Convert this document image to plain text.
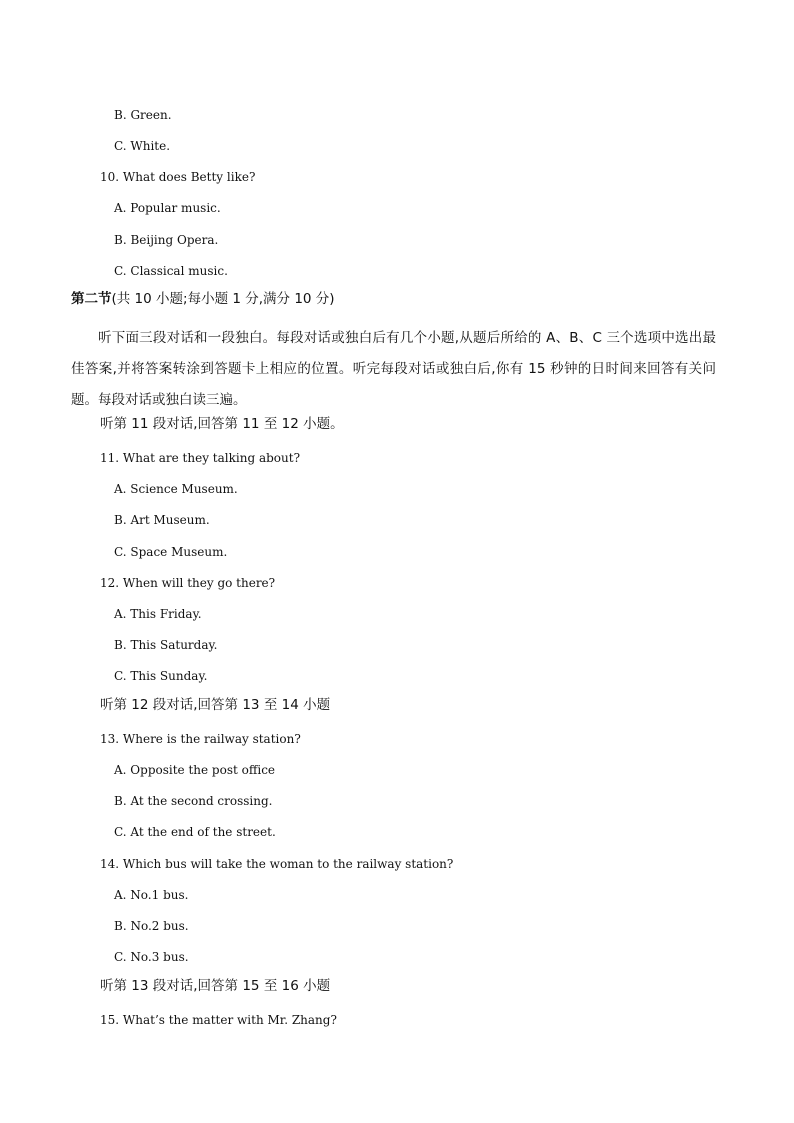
B. Green.
C. White.
10. What does Betty like?
A. Popular music.
B. Beijing Opera.
C. Classical music.
第二节(共 10 小题;每小题 1 分,满分 10 分)
听下面三段对话和一段独白。每段对话或独白后有几个小题,从题后所给的 A、B、C 三个选项中选出最佳答案,并将答案转涂到答题卡上相应的位置。听完每段对话或独白后,你有 15 秒钟的日时间来回答有关问题。每段对话或独白读三遍。
听第 11 段对话,回答第 11 至 12 小题。
11. What are they talking about?
A. Science Museum.
B. Art Museum.
C. Space Museum.
12. When will they go there?
A. This Friday.
B. This Saturday.
C. This Sunday.
听第 12 段对话,回答第 13 至 14 小题
13. Where is the railway station?
A. Opposite the post office
B. At the second crossing.
C. At the end of the street.
14. Which bus will take the woman to the railway station?
A. No.1 bus.
B. No.2 bus.
C. No.3 bus.
听第 13 段对话,回答第 15 至 16 小题
15. What’s the matter with Mr. Zhang?
